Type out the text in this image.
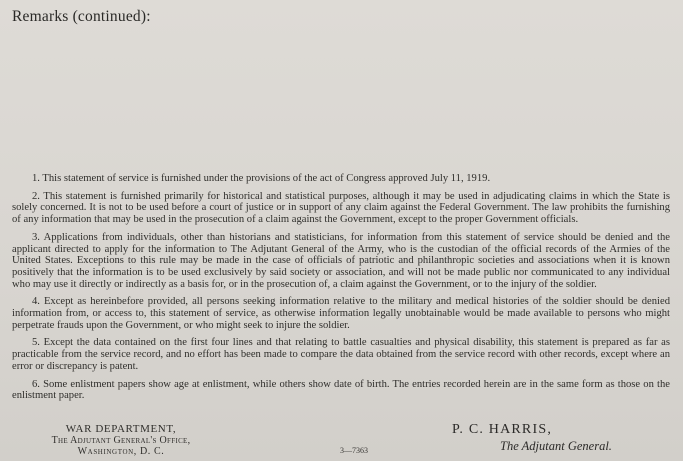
Remarks (continued):

1. This statement of service is furnished under the provisions of the act of Congress approved July 11, 1919.

2. This statement is furnished primarily for historical and statistical purposes, although it may be used in adjudicating claims in which the State is solely concerned. It is not to be used before a court of justice or in support of any claim against the Federal Government. The law prohibits the furnishing of any information that may be used in the prosecution of a claim against the Government, except to the proper Government officials.

3. Applications from individuals, other than historians and statisticians, for information from this statement of service should be denied and the applicant directed to apply for the information to The Adjutant General of the Army, who is the custodian of the official records of the Armies of the United States. Exceptions to this rule may be made in the case of officials of patriotic and philanthropic societies and associations when it is known positively that the information is to be used exclusively by said society or association, and will not be made public nor communicated to any individual who may use it directly or indirectly as a basis for, or in the prosecution of, a claim against the Government, or to the injury of the soldier.

4. Except as hereinbefore provided, all persons seeking information relative to the military and medical histories of the soldier should be denied information from, or access to, this statement of service, as otherwise information legally unobtainable would be made available to persons who might perpetrate frauds upon the Government, or who might seek to injure the soldier.

5. Except the data contained on the first four lines and that relating to battle casualties and physical disability, this statement is prepared as far as practicable from the service record, and no effort has been made to compare the data obtained from the service record with other records, except where an error or discrepancy is patent.

6. Some enlistment papers show age at enlistment, while others show date of birth. The entries recorded herein are in the same form as those on the enlistment paper.

WAR DEPARTMENT,
The Adjutant General's Office,
Washington, D. C.	3—7363
P. C. HARRIS,
The Adjutant General.
